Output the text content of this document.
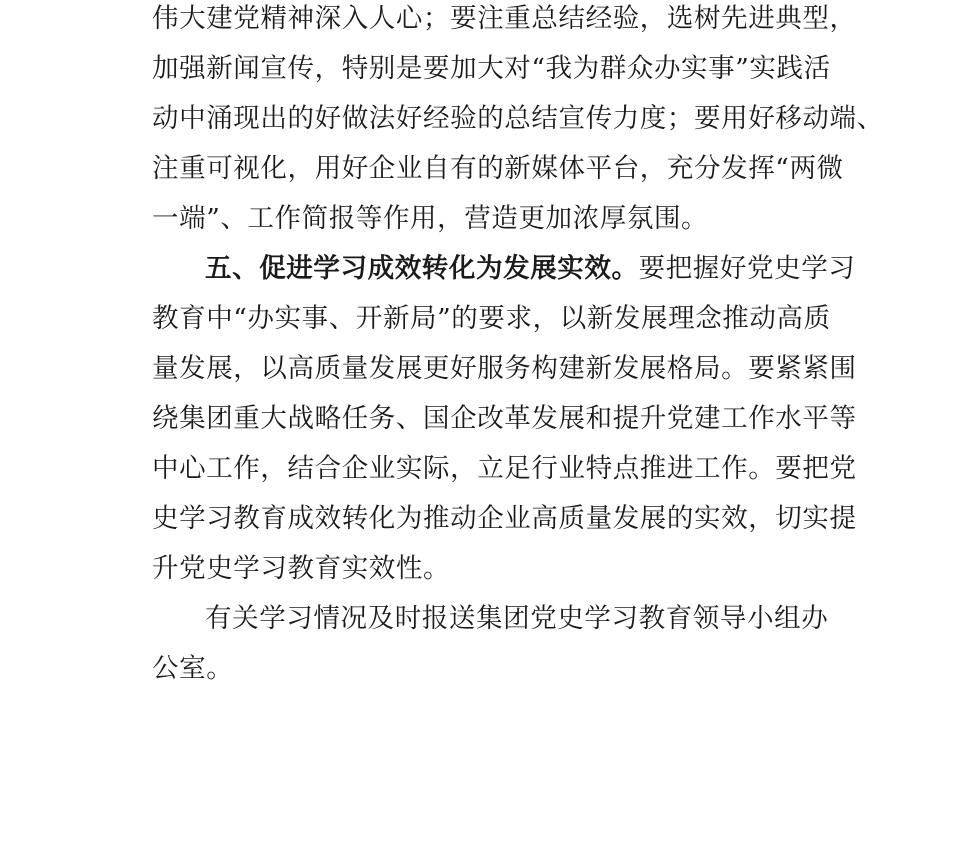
伟大建党精神深入人心；要注重总结经验，选树先进典型，
加强新闻宣传，特别是要加大对“我为群众办实事”实践活
动中涌现出的好做法好经验的总结宣传力度；要用好移动端、
注重可视化，用好企业自有的新媒体平台，充分发挥“两微
一端”、工作简报等作用，营造更加浓厚氛围。

五、促进学习成效转化为发展实效。要把握好党史学习
教育中“办实事、开新局”的要求，以新发展理念推动高质
量发展，以高质量发展更好服务构建新发展格局。要紧紧围
绕集团重大战略任务、国企改革发展和提升党建工作水平等
中心工作，结合企业实际，立足行业特点推进工作。要把党
史学习教育成效转化为推动企业高质量发展的实效，切实提
升党史学习教育实效性。

有关学习情况及时报送集团党史学习教育领导小组办
公室。
